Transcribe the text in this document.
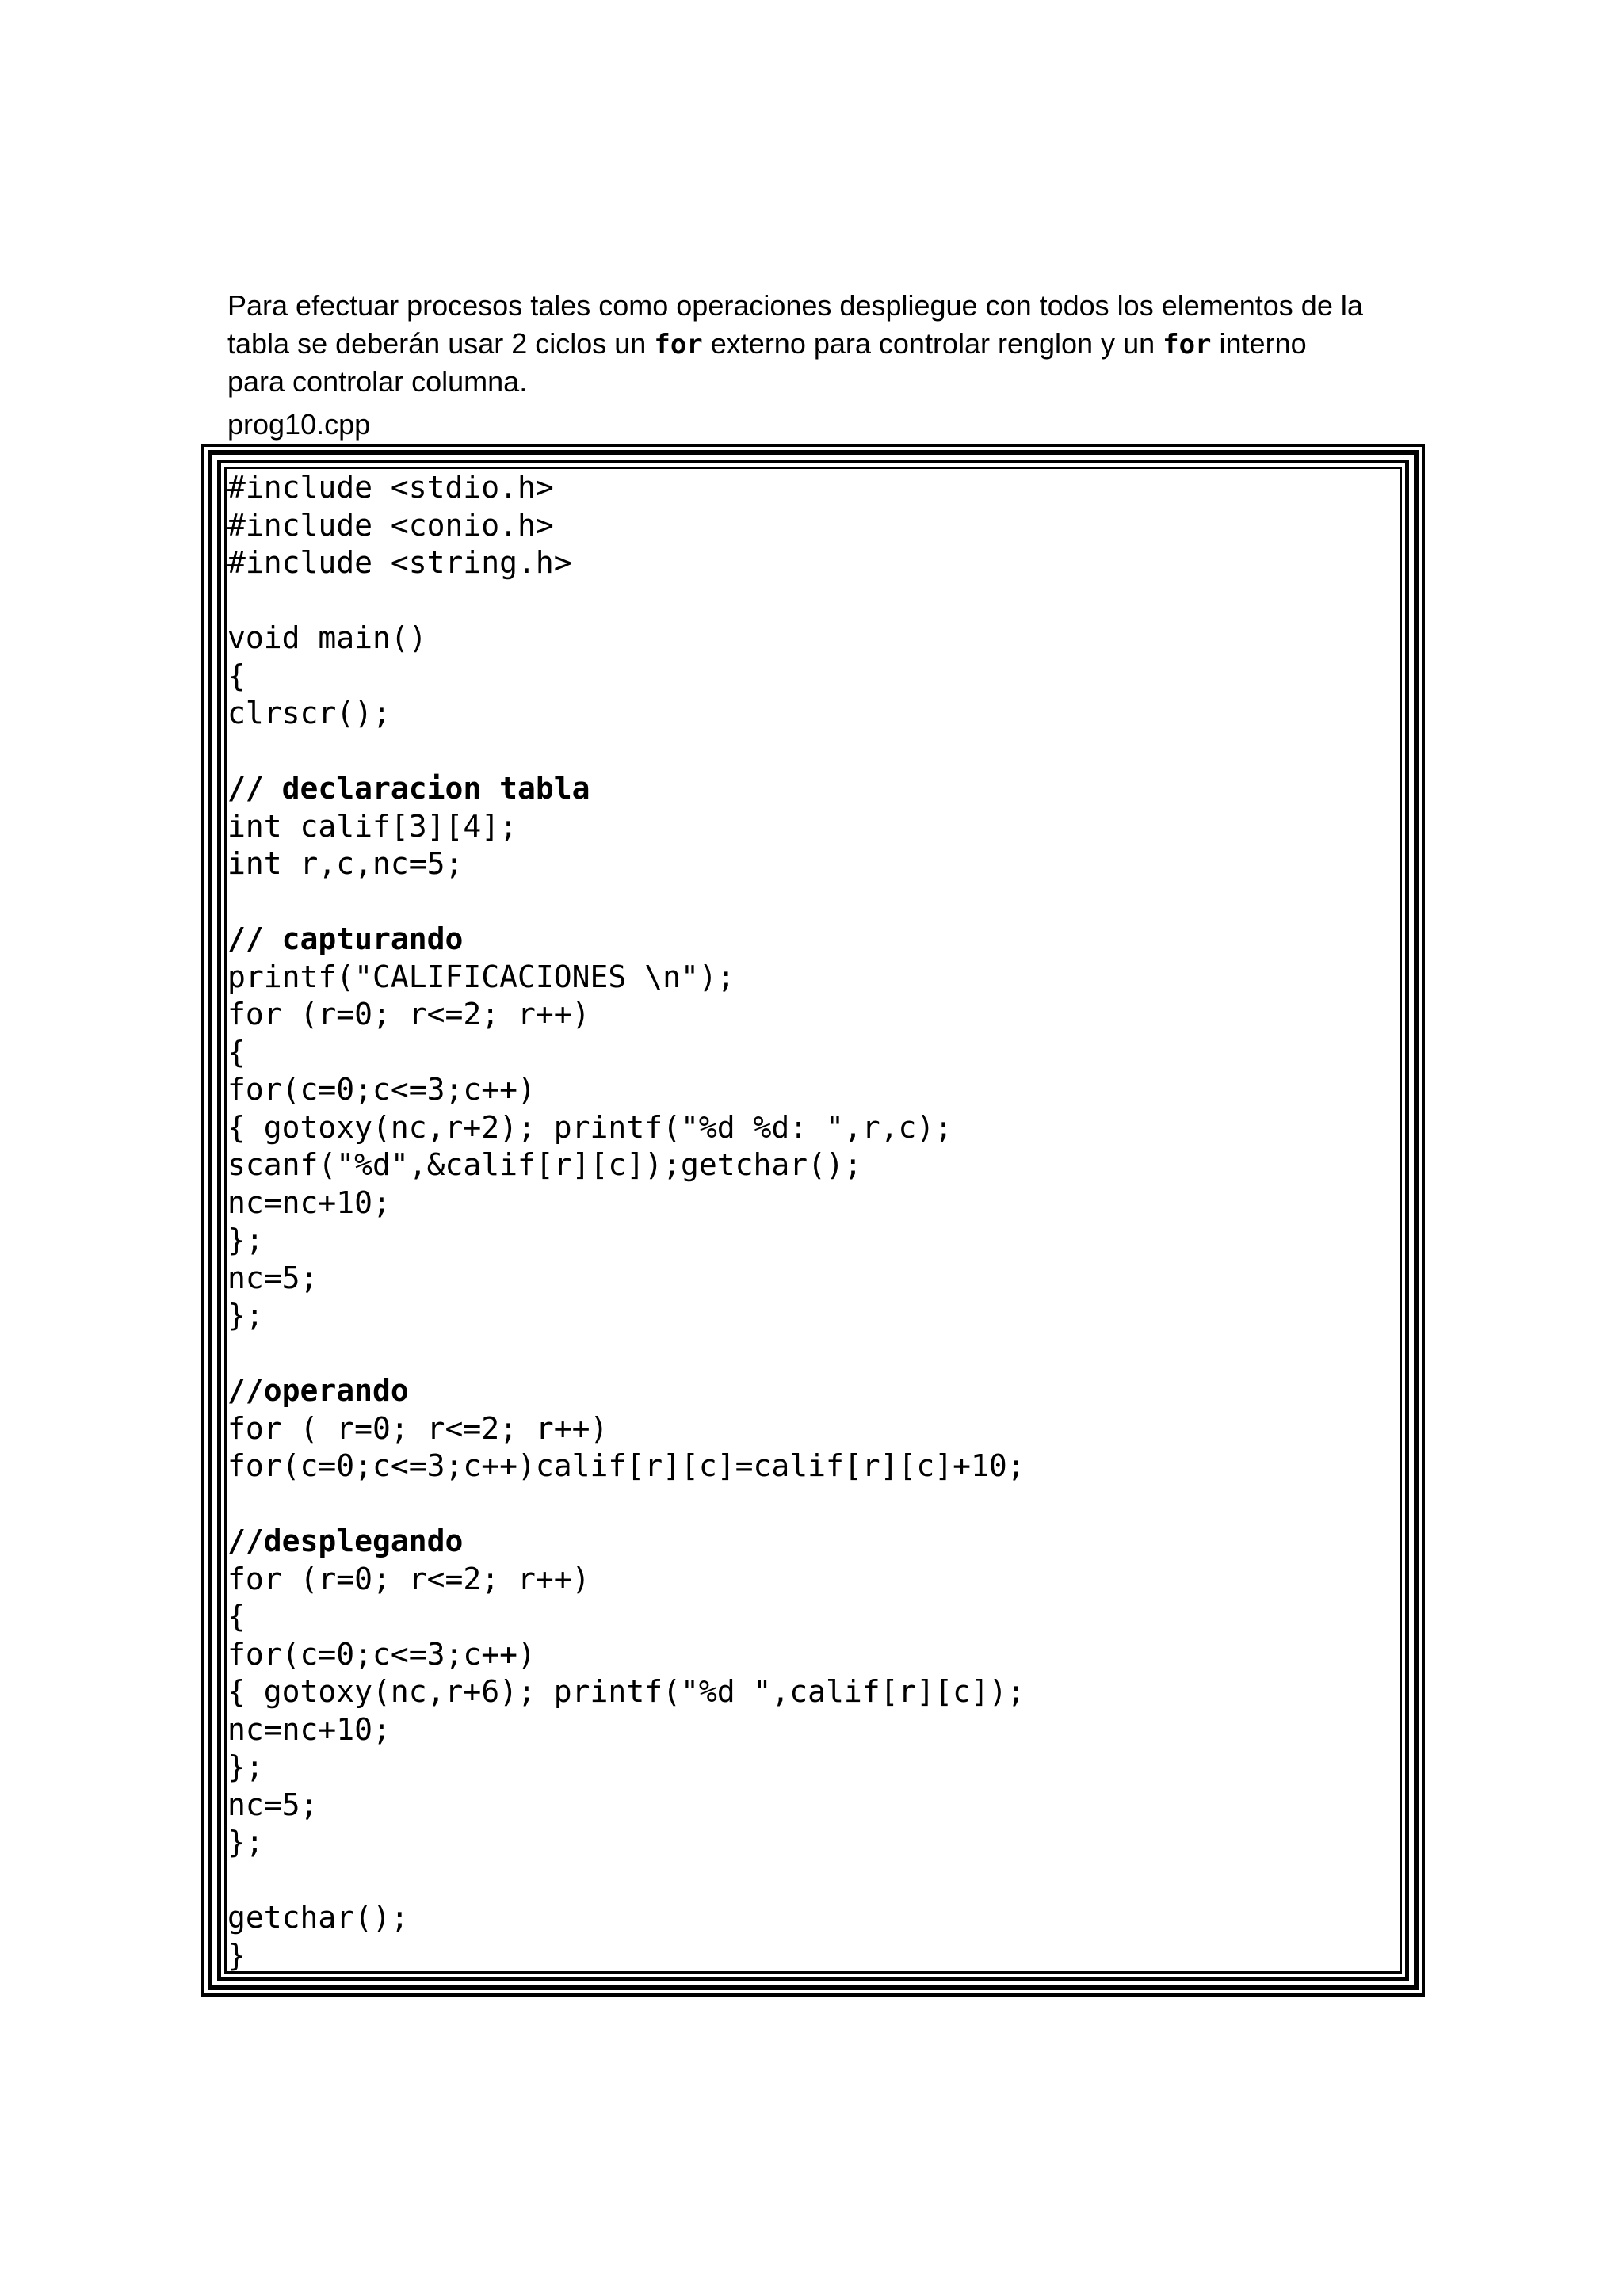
Para efectuar procesos tales como operaciones despliegue con todos los elementos de la
tabla se deberán usar 2 ciclos un for externo para controlar renglon y un for interno
para controlar columna.
prog10.cpp
#include <stdio.h>
#include <conio.h>
#include <string.h>
void main()
{
clrscr();
// declaracion tabla
int calif[3][4];
int r,c,nc=5;
// capturando
printf("CALIFICACIONES \n");
for (r=0; r<=2; r++)
{
for(c=0;c<=3;c++)
{ gotoxy(nc,r+2); printf("%d %d: ",r,c);
scanf("%d",&calif[r][c]);getchar();
nc=nc+10;
};
nc=5;
};
//operando
for ( r=0; r<=2; r++)
for(c=0;c<=3;c++)calif[r][c]=calif[r][c]+10;
//desplegando
for (r=0; r<=2; r++)
{
for(c=0;c<=3;c++)
{ gotoxy(nc,r+6); printf("%d ",calif[r][c]);
nc=nc+10;
};
nc=5;
};
getchar();
}
